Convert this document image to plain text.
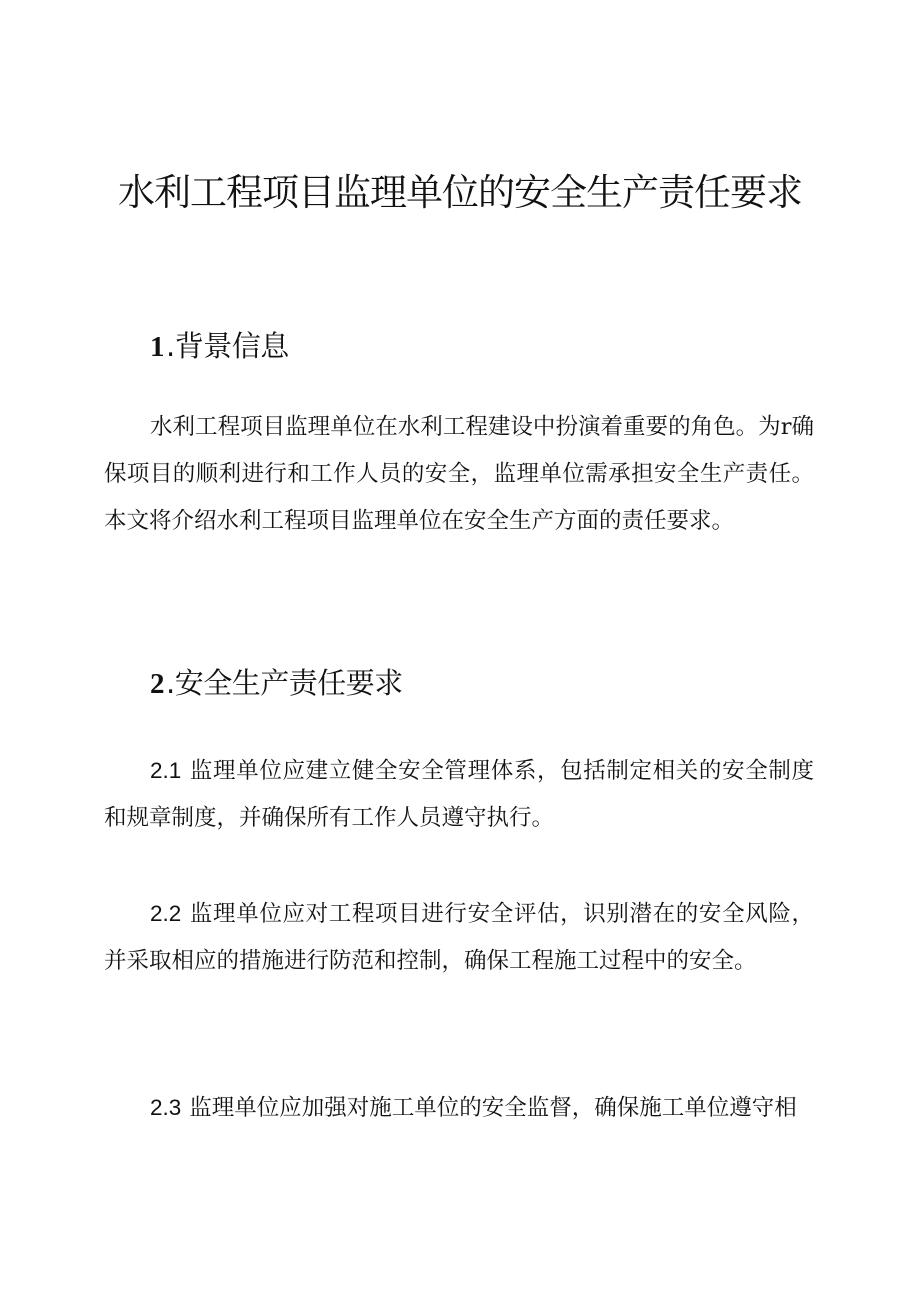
水利工程项目监理单位的安全生产责任要求
1.背景信息

水利工程项目监理单位在水利工程建设中扮演着重要的角色。为r确保项目的顺利进行和工作人员的安全，监理单位需承担安全生产责任。本文将介绍水利工程项目监理单位在安全生产方面的责任要求。

2.安全生产责任要求

2.1 监理单位应建立健全安全管理体系，包括制定相关的安全制度和规章制度，并确保所有工作人员遵守执行。

2.2 监理单位应对工程项目进行安全评估，识别潜在的安全风险，并采取相应的措施进行防范和控制，确保工程施工过程中的安全。

2.3 监理单位应加强对施工单位的安全监督，确保施工单位遵守相
